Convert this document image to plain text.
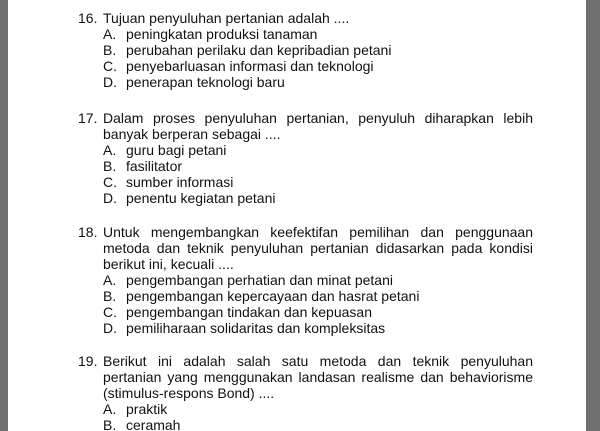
16. Tujuan penyuluhan pertanian adalah ....
A. peningkatan produksi tanaman
B. perubahan perilaku dan kepribadian petani
C. penyebarluasan informasi dan teknologi
D. penerapan teknologi baru
17. Dalam proses penyuluhan pertanian, penyuluh diharapkan lebih banyak berperan sebagai ....
A. guru bagi petani
B. fasilitator
C. sumber informasi
D. penentu kegiatan petani
18. Untuk mengembangkan keefektifan pemilihan dan penggunaan metoda dan teknik penyuluhan pertanian didasarkan pada kondisi berikut ini, kecuali ....
A. pengembangan perhatian dan minat petani
B. pengembangan kepercayaan dan hasrat petani
C. pengembangan tindakan dan kepuasan
D. pemiliharaan solidaritas dan kompleksitas
19. Berikut ini adalah salah satu metoda dan teknik penyuluhan pertanian yang menggunakan landasan realisme dan behaviorisme (stimulus-respons Bond) ....
A. praktik
B. ceramah
